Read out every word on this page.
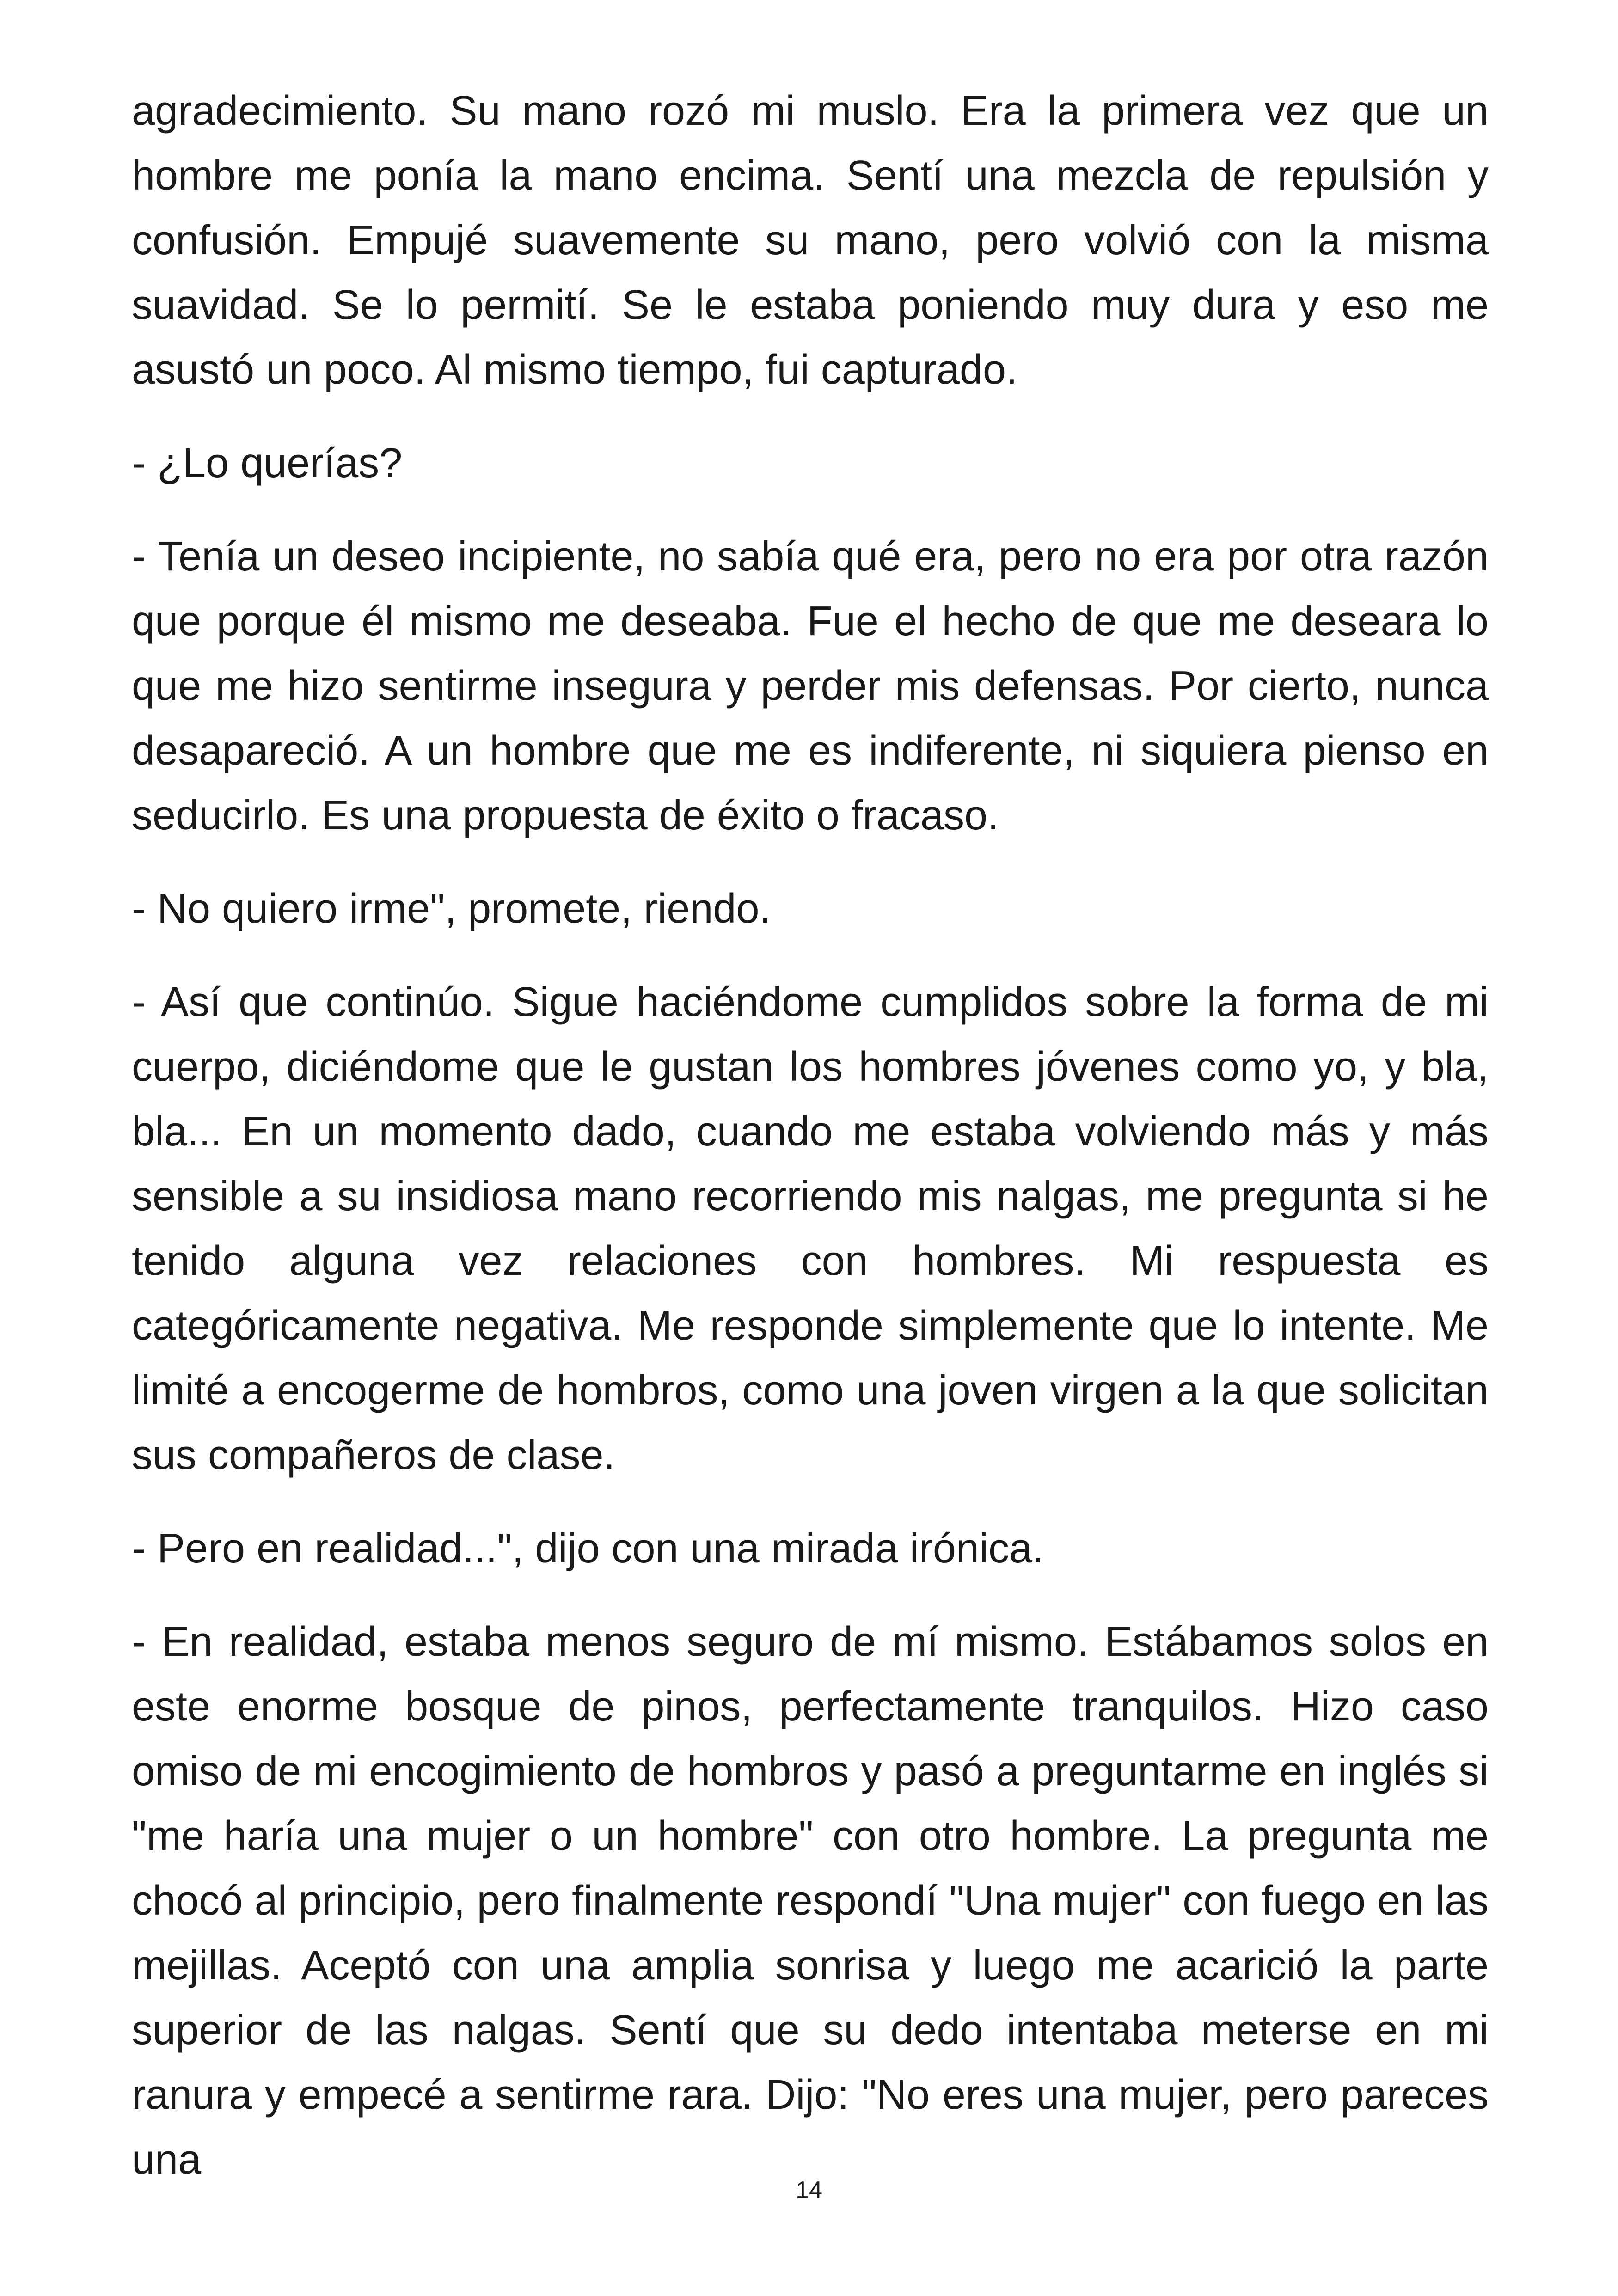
agradecimiento. Su mano rozó mi muslo. Era la primera vez que un hombre me ponía la mano encima. Sentí una mezcla de repulsión y confusión. Empujé suavemente su mano, pero volvió con la misma suavidad. Se lo permití. Se le estaba poniendo muy dura y eso me asustó un poco. Al mismo tiempo, fui capturado.

- ¿Lo querías?

- Tenía un deseo incipiente, no sabía qué era, pero no era por otra razón que porque él mismo me deseaba. Fue el hecho de que me deseara lo que me hizo sentirme insegura y perder mis defensas. Por cierto, nunca desapareció. A un hombre que me es indiferente, ni siquiera pienso en seducirlo. Es una propuesta de éxito o fracaso.

- No quiero irme", promete, riendo.

- Así que continúo. Sigue haciéndome cumplidos sobre la forma de mi cuerpo, diciéndome que le gustan los hombres jóvenes como yo, y bla, bla... En un momento dado, cuando me estaba volviendo más y más sensible a su insidiosa mano recorriendo mis nalgas, me pregunta si he tenido alguna vez relaciones con hombres. Mi respuesta es categóricamente negativa. Me responde simplemente que lo intente. Me limité a encogerme de hombros, como una joven virgen a la que solicitan sus compañeros de clase.

- Pero en realidad...", dijo con una mirada irónica.

- En realidad, estaba menos seguro de mí mismo. Estábamos solos en este enorme bosque de pinos, perfectamente tranquilos. Hizo caso omiso de mi encogimiento de hombros y pasó a preguntarme en inglés si "me haría una mujer o un hombre" con otro hombre. La pregunta me chocó al principio, pero finalmente respondí "Una mujer" con fuego en las mejillas. Aceptó con una amplia sonrisa y luego me acarició la parte superior de las nalgas. Sentí que su dedo intentaba meterse en mi ranura y empecé a sentirme rara. Dijo: "No eres una mujer, pero pareces una

14
